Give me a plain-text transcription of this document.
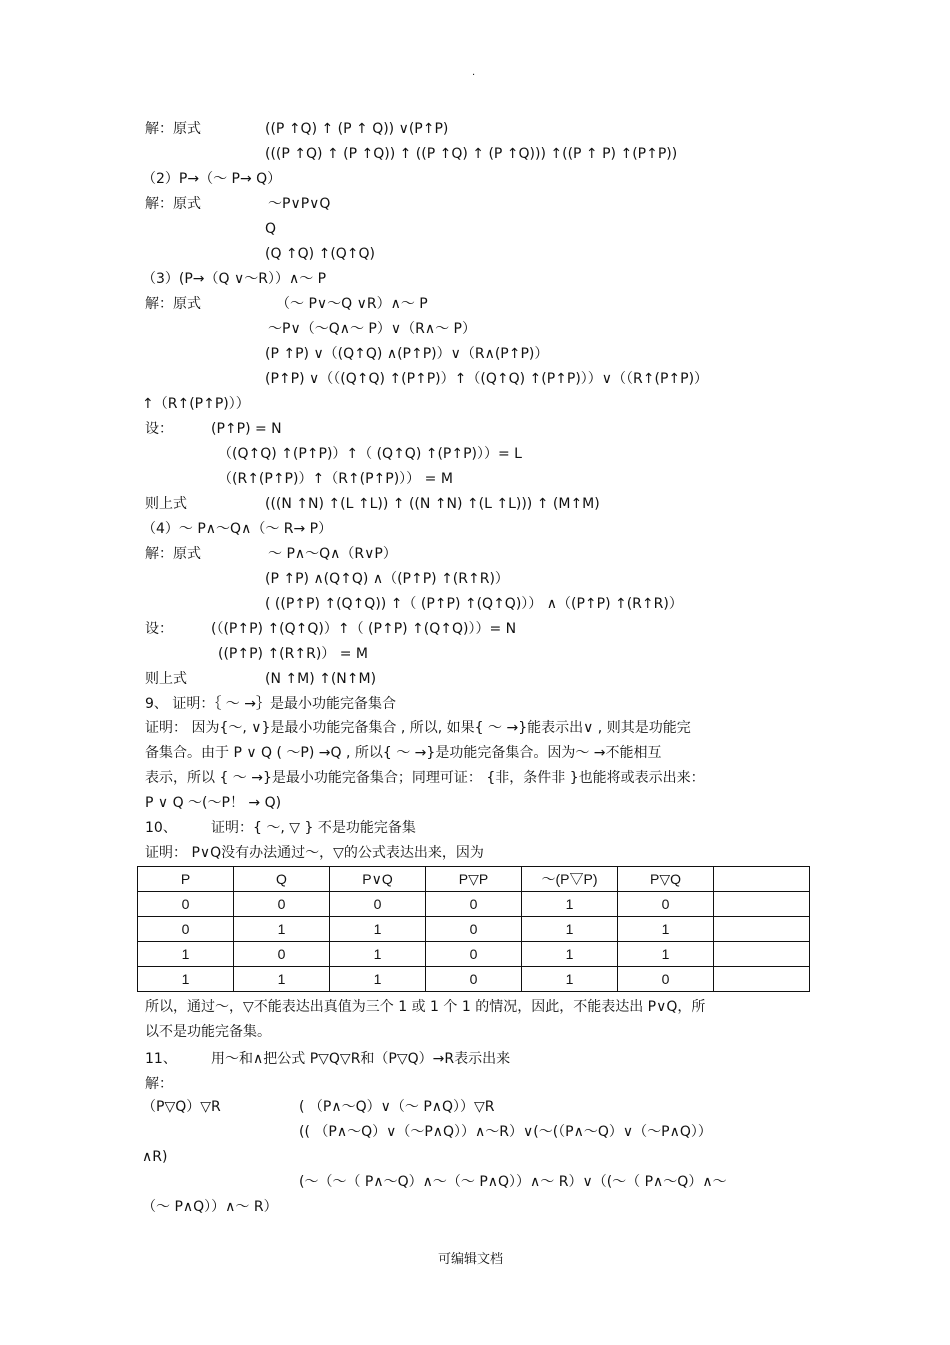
·
解：原式	((P ↑Q) ↑ (P ↑ Q)) ∨(P↑P)
(((P ↑Q) ↑ (P ↑Q)) ↑ ((P ↑Q) ↑ (P ↑Q))) ↑((P ↑ P) ↑(P↑P))
（2）P→（～ P→ Q）
解：原式	～P∨P∨Q
Q
(Q ↑Q) ↑(Q↑Q)
（3）(P→（Q ∨～R））∧～ P
解：原式	（～ P∨～Q ∨R）∧～ P
～P∨（～Q∧～ P）∨（R∧～ P）
(P ↑P) ∨（(Q↑Q) ∧(P↑P)）∨（R∧(P↑P)）
(P↑P) ∨（（(Q↑Q) ↑(P↑P)）↑（(Q↑Q) ↑(P↑P)））∨（（R↑(P↑P)）
↑（R↑(P↑P)））
设：	(P↑P) = N
（(Q↑Q) ↑(P↑P)）↑（ (Q↑Q) ↑(P↑P)））= L
（(R↑(P↑P)）↑（R↑(P↑P)）） = M
则上式	(((N ↑N) ↑(L ↑L)) ↑ ((N ↑N) ↑(L ↑L))) ↑ (M↑M)
（4）～ P∧～Q∧（～ R→ P）
解：原式	～ P∧～Q∧（R∨P）
(P ↑P) ∧(Q↑Q) ∧（(P↑P) ↑(R↑R)）
( ((P↑P) ↑(Q↑Q)) ↑（ (P↑P) ↑(Q↑Q)）） ∧（(P↑P) ↑(R↑R)）
设：	(（(P↑P) ↑(Q↑Q)）↑（ (P↑P) ↑(Q↑Q)））= N
((P↑P) ↑(R↑R)） = M
则上式	(N ↑M) ↑(N↑M)
9、 证明：｛ ～ →｝是最小功能完备集合
证明： 因为{～, ∨}是最小功能完备集合 , 所以, 如果{ ～ →}能表示出∨ , 则其是功能完
备集合。由于 P ∨ Q ( ～P) →Q , 所以{ ～ →}是功能完备集合。因为～ →不能相互
表示，所以 { ～ →}是最小功能完备集合；同理可证： {非，条件非 }也能将或表示出来：
P ∨ Q ～(～P！ → Q)
10、 证明：{ ～, ▽ } 不是功能完备集
证明： P∨Q没有办法通过～，▽的公式表达出来，因为
所以，通过～，▽不能表达出真值为三个 1 或 1 个 1 的情况，因此，不能表达出 P∨Q，所
以不是功能完备集。
11、 用～和∧把公式 P▽Q▽R和（P▽Q）→R表示出来
解：
（P▽Q）▽R	( （P∧～Q）∨（～ P∧Q））▽R
(( （P∧～Q）∨（～P∧Q））∧～R）∨(～(（P∧～Q）∨（～P∧Q））
∧R)
(～（～（ P∧～Q）∧～（～ P∧Q））∧～ R）∨（(～（ P∧～Q）∧～
（～ P∧Q））∧～ R）
P	Q	P∨Q	P▽P	～(P▽P)	P▽Q	
0	0	0	0	1	0	
0	1	1	0	1	1	
1	0	1	0	1	1	
1	1	1	0	1	0	
可编辑文档
